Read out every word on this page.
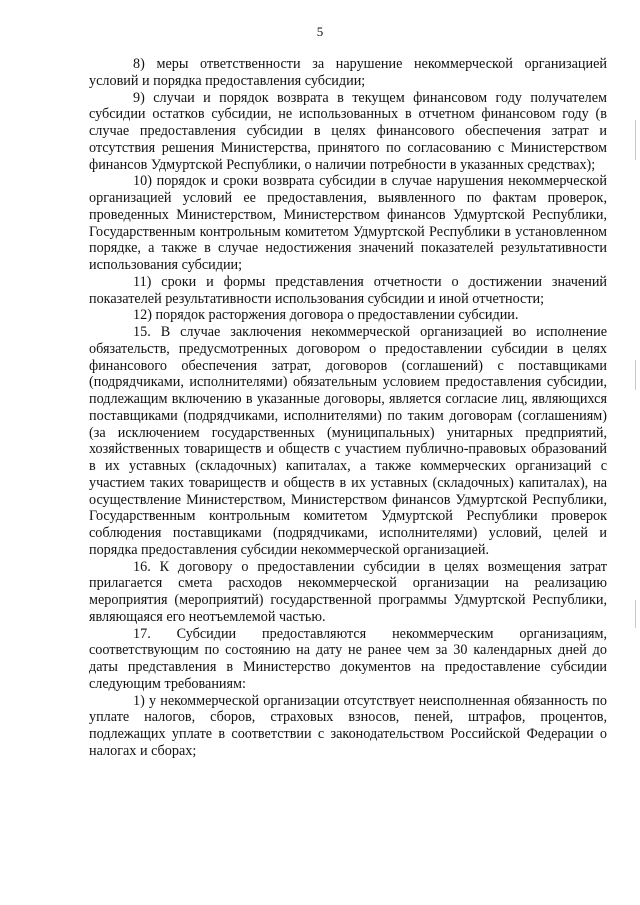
5

8) меры ответственности за нарушение некоммерческой организацией условий и порядка предоставления субсидии;

9) случаи и порядок возврата в текущем финансовом году получателем субсидии остатков субсидии, не использованных в отчетном финансовом году (в случае предоставления субсидии в целях финансового обеспечения затрат и отсутствия решения Министерства, принятого по согласованию с Министерством финансов Удмуртской Республики, о наличии потребности в указанных средствах);

10) порядок и сроки возврата субсидии в случае нарушения некоммерческой организацией условий ее предоставления, выявленного по фактам проверок, проведенных Министерством, Министерством финансов Удмуртской Республики, Государственным контрольным комитетом Удмуртской Республики в установленном порядке, а также в случае недостижения значений показателей результативности использования субсидии;

11) сроки и формы представления отчетности о достижении значений показателей результативности использования субсидии и иной отчетности;

12) порядок расторжения договора о предоставлении субсидии.

15. В случае заключения некоммерческой организацией во исполнение обязательств, предусмотренных договором о предоставлении субсидии в целях финансового обеспечения затрат, договоров (соглашений) с поставщиками (подрядчиками, исполнителями) обязательным условием предоставления субсидии, подлежащим включению в указанные договоры, является согласие лиц, являющихся поставщиками (подрядчиками, исполнителями) по таким договорам (соглашениям) (за исключением государственных (муниципальных) унитарных предприятий, хозяйственных товариществ и обществ с участием публично-правовых образований в их уставных (складочных) капиталах, а также коммерческих организаций с участием таких товариществ и обществ в их уставных (складочных) капиталах), на осуществление Министерством, Министерством финансов Удмуртской Республики, Государственным контрольным комитетом Удмуртской Республики проверок соблюдения поставщиками (подрядчиками, исполнителями) условий, целей и порядка предоставления субсидии некоммерческой организацией.

16. К договору о предоставлении субсидии в целях возмещения затрат прилагается смета расходов некоммерческой организации на реализацию мероприятия (мероприятий) государственной программы Удмуртской Республики, являющаяся его неотъемлемой частью.

17. Субсидии предоставляются некоммерческим организациям, соответствующим по состоянию на дату не ранее чем за 30 календарных дней до даты представления в Министерство документов на предоставление субсидии следующим требованиям:

1) у некоммерческой организации отсутствует неисполненная обязанность по уплате налогов, сборов, страховых взносов, пеней, штрафов, процентов, подлежащих уплате в соответствии с законодательством Российской Федерации о налогах и сборах;
